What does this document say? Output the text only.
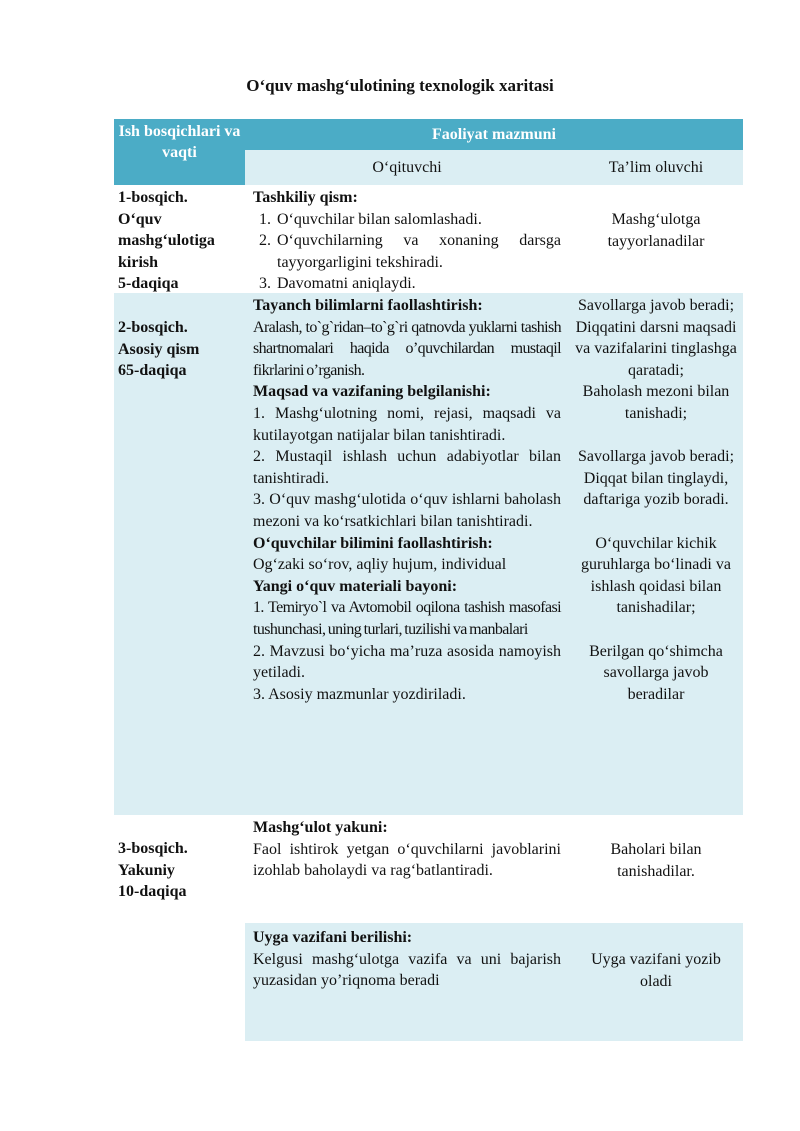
O‘quv mashg‘ulotining texnologik xaritasi
Ish bosqichlari va vaqti
Faoliyat mazmuni
O‘qituvchi	Ta’lim oluvchi

1-bosqich.

O‘quv

mashg‘ulotiga

kirish

5-daqiqa

Tashkiliy qism:

1. O‘quvchilar bilan salomlashadi.
2. O‘quvchilarning va xonaning darsga tayyorgarligini tekshiradi.
3. Davomatni aniqlaydi.

Mashg‘ulotga tayyorlanadilar

2-bosqich.

Asosiy qism

65-daqiqa

Tayanch bilimlarni faollashtirish:

Aralash, to`g`ridan–to`g`ri qatnovda yuklarni tashish shartnomalari haqida o’quvchilardan mustaqil fikrlarini o’rganish.

Maqsad va vazifaning belgilanishi:

1. Mashg‘ulotning nomi, rejasi, maqsadi va kutilayotgan natijalar bilan tanishtiradi.

2. Mustaqil ishlash uchun adabiyotlar bilan tanishtiradi.

3. O‘quv mashg‘ulotida o‘quv ishlarni baholash mezoni va ko‘rsatkichlari bilan tanishtiradi.

O‘quvchilar bilimini faollashtirish:

Og‘zaki so‘rov, aqliy hujum, individual

Yangi o‘quv materiali bayoni:

1. Temiryo`l va Avtomobil oqilona tashish masofasi tushunchasi, uning turlari, tuzilishi va manbalari

2. Mavzusi bo‘yicha ma’ruza asosida namoyish yetiladi.

3. Asosiy mazmunlar yozdiriladi.

Savollarga javob beradi;

Diqqatini darsni maqsadi va vazifalarini tinglashga qaratadi;

Baholash mezoni bilan tanishadi;

Savollarga javob beradi;

Diqqat bilan tinglaydi, daftariga yozib boradi.

O‘quvchilar kichik guruhlarga bo‘linadi va ishlash qoidasi bilan tanishadilar;

Berilgan qo‘shimcha savollarga javob beradilar

3-bosqich.

Yakuniy

10-daqiqa

Mashg‘ulot yakuni:

Faol ishtirok yetgan o‘quvchilarni javoblarini izohlab baholaydi va rag‘batlantiradi.

Baholari bilan tanishadilar.

Uyga vazifani berilishi:

Kelgusi mashg‘ulotga vazifa va uni bajarish yuzasidan yo’riqnoma beradi

Uyga vazifani yozib oladi
